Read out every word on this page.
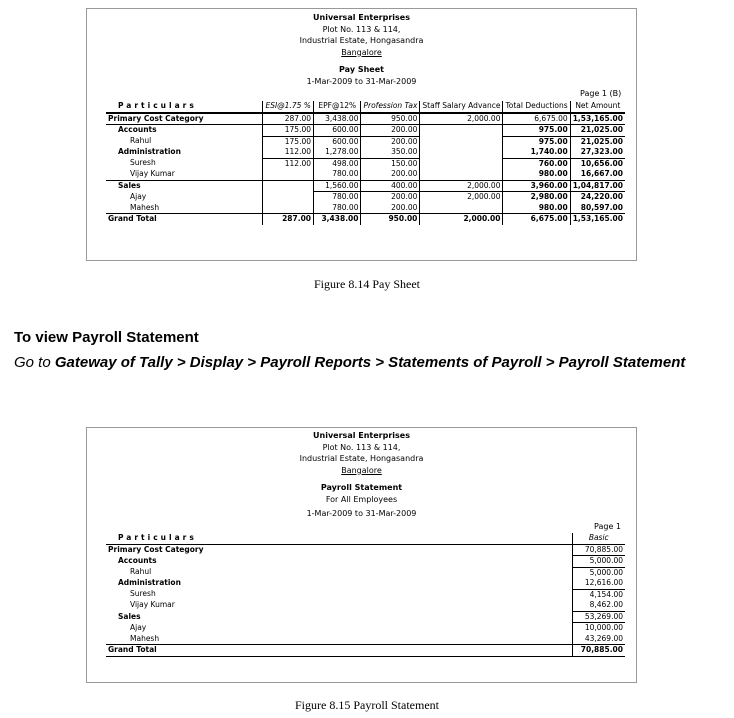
Universal Enterprises
Plot No. 113 & 114,
Industrial Estate, Hongasandra
Bangalore
Pay Sheet
1-Mar-2009 to 31-Mar-2009
Page 1 (B)
Particulars	ESI@1.75 %	EPF@12%	Profession Tax	Staff Salary Advance	Total Deductions	Net Amount
Primary Cost Category	287.00	3,438.00	950.00	2,000.00	6,675.00	1,53,165.00
Accounts	175.00	600.00	200.00		975.00	21,025.00
Rahul	175.00	600.00	200.00		975.00	21,025.00
Administration	112.00	1,278.00	350.00		1,740.00	27,323.00
Suresh	112.00	498.00	150.00		760.00	10,656.00
Vijay Kumar		780.00	200.00		980.00	16,667.00
Sales		1,560.00	400.00	2,000.00	3,960.00	1,04,817.00
Ajay		780.00	200.00	2,000.00	2,980.00	24,220.00
Mahesh		780.00	200.00		980.00	80,597.00
Grand Total	287.00	3,438.00	950.00	2,000.00	6,675.00	1,53,165.00
Figure 8.14 Pay Sheet
To view Payroll Statement
Go to Gateway of Tally > Display > Payroll Reports > Statements of Payroll > Payroll Statement
Universal Enterprises
Plot No. 113 & 114,
Industrial Estate, Hongasandra
Bangalore
Payroll Statement
For All Employees
1-Mar-2009 to 31-Mar-2009
Page 1
Particulars	Basic
Primary Cost Category	70,885.00
Accounts	5,000.00
Rahul	5,000.00
Administration	12,616.00
Suresh	4,154.00
Vijay Kumar	8,462.00
Sales	53,269.00
Ajay	10,000.00
Mahesh	43,269.00
Grand Total	70,885.00
Figure 8.15 Payroll Statement
